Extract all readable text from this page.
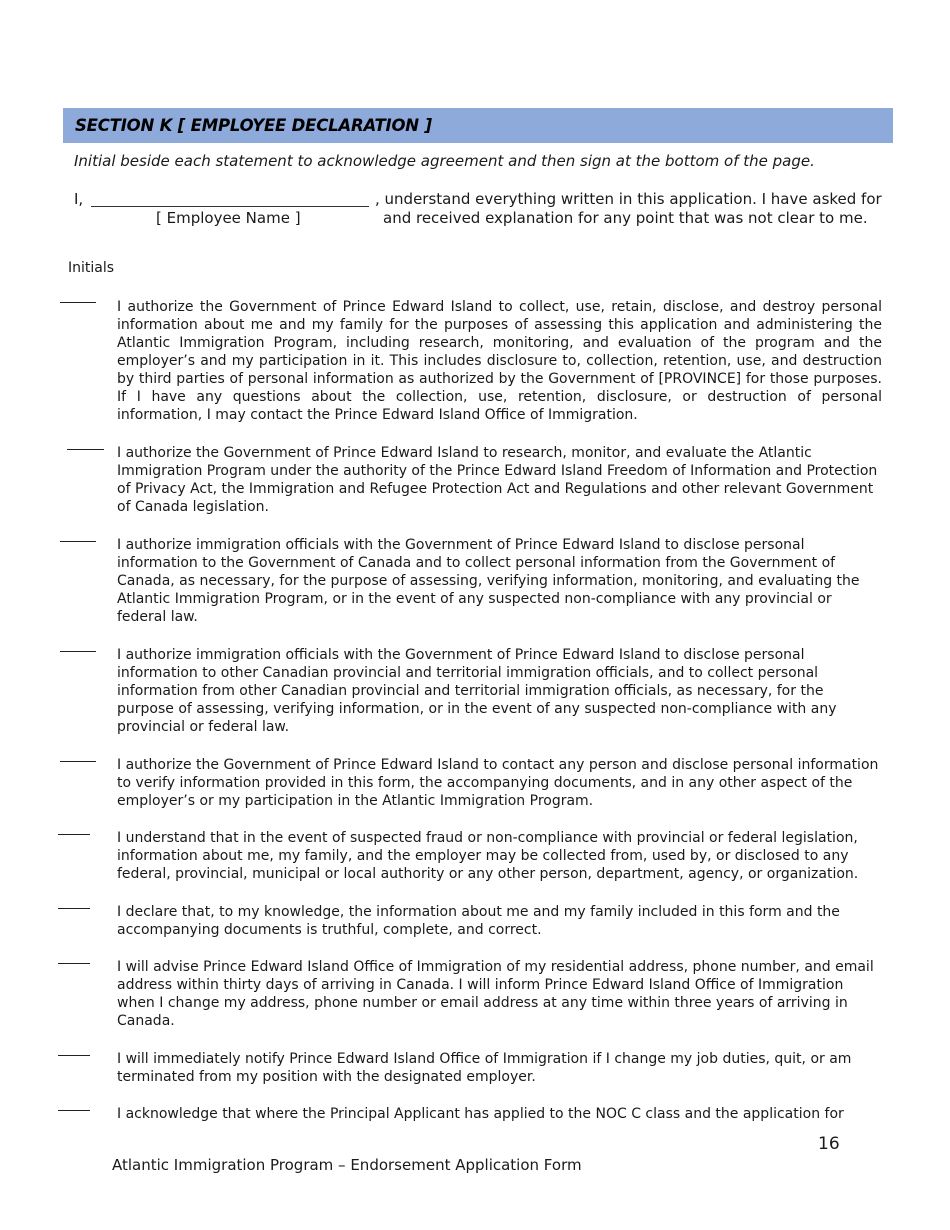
SECTION K [ EMPLOYEE DECLARATION ]
Initial beside each statement to acknowledge agreement and then sign at the bottom of the page.
I,	, understand everything written in this application. I have asked for
and received explanation for any point that was not clear to me.
[ Employee Name ]
Initials
I authorize the Government of Prince Edward Island to collect, use, retain, disclose, and destroy personal information about me and my family for the purposes of assessing this application and administering the Atlantic Immigration Program, including research, monitoring, and evaluation of the program and the employer’s and my participation in it. This includes disclosure to, collection, retention, use, and destruction by third parties of personal information as authorized by the Government of [PROVINCE] for those purposes. If I have any questions about the collection, use, retention, disclosure, or destruction of personal information, I may contact the Prince Edward Island Office of Immigration.
I authorize the Government of Prince Edward Island to research, monitor, and evaluate the Atlantic Immigration Program under the authority of the Prince Edward Island Freedom of Information and Protection of Privacy Act, the Immigration and Refugee Protection Act and Regulations and other relevant Government of Canada legislation.
I authorize immigration officials with the Government of Prince Edward Island to disclose personal information to the Government of Canada and to collect personal information from the Government of Canada, as necessary, for the purpose of assessing, verifying information, monitoring, and evaluating the Atlantic Immigration Program, or in the event of any suspected non-compliance with any provincial or federal law.
I authorize immigration officials with the Government of Prince Edward Island to disclose personal information to other Canadian provincial and territorial immigration officials, and to collect personal information from other Canadian provincial and territorial immigration officials, as necessary, for the purpose of assessing, verifying information, or in the event of any suspected non-compliance with any provincial or federal law.
I authorize the Government of Prince Edward Island to contact any person and disclose personal information to verify information provided in this form, the accompanying documents, and in any other aspect of the employer’s or my participation in the Atlantic Immigration Program.
I understand that in the event of suspected fraud or non-compliance with provincial or federal legislation, information about me, my family, and the employer may be collected from, used by, or disclosed to any federal, provincial, municipal or local authority or any other person, department, agency, or organization.
I declare that, to my knowledge, the information about me and my family included in this form and the accompanying documents is truthful, complete, and correct.
I will advise Prince Edward Island Office of Immigration of my residential address, phone number, and email address within thirty days of arriving in Canada. I will inform Prince Edward Island Office of Immigration when I change my address, phone number or email address at any time within three years of arriving in Canada.
I will immediately notify Prince Edward Island Office of Immigration if I change my job duties, quit, or am terminated from my position with the designated employer.
I acknowledge that where the Principal Applicant has applied to the NOC C class and the application for
16
Atlantic Immigration Program – Endorsement Application Form
